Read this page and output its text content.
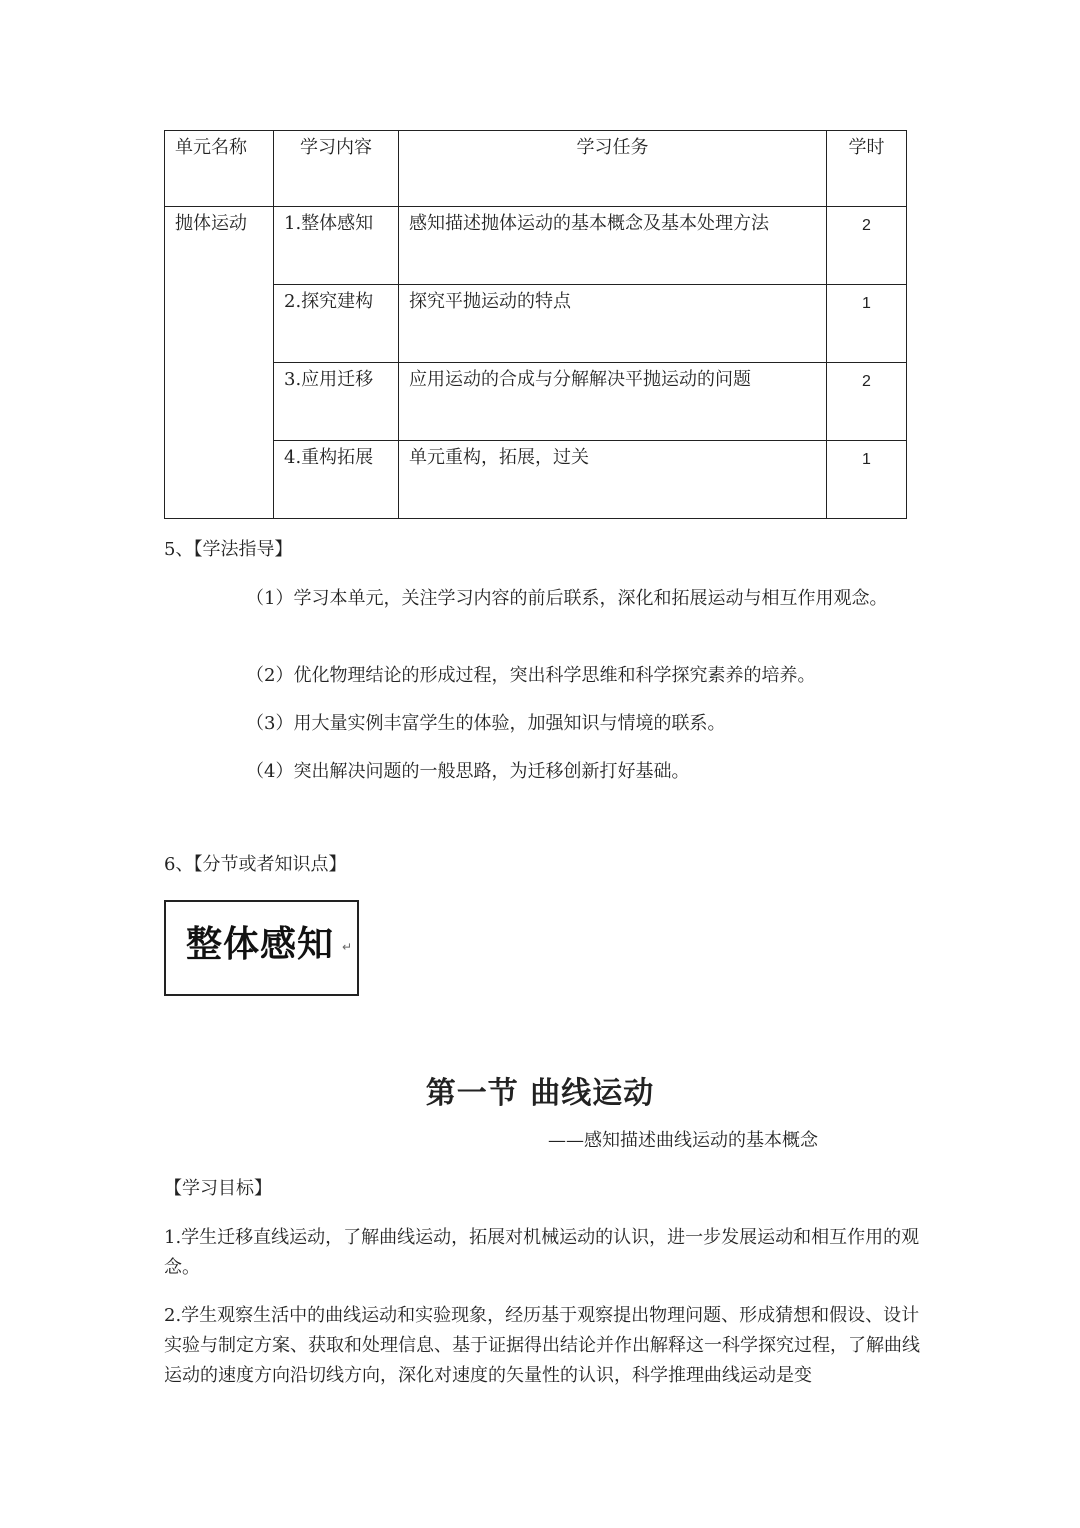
单元名称	学习内容	学习任务	学时
抛体运动	1.整体感知	感知描述抛体运动的基本概念及基本处理方法	2
	2.探究建构	探究平抛运动的特点	1
	3.应用迁移	应用运动的合成与分解解决平抛运动的问题	2
	4.重构拓展	单元重构，拓展，过关	1

5、【学法指导】

（1）学习本单元，关注学习内容的前后联系，深化和拓展运动与相互作用观念。

（2）优化物理结论的形成过程，突出科学思维和科学探究素养的培养。

（3）用大量实例丰富学生的体验，加强知识与情境的联系。

（4）突出解决问题的一般思路，为迁移创新打好基础。

6、【分节或者知识点】

整体感知 ↵
第一节 曲线运动

——感知描述曲线运动的基本概念

【学习目标】

1.学生迁移直线运动，了解曲线运动，拓展对机械运动的认识，进一步发展运动和相互作用的观念。

2.学生观察生活中的曲线运动和实验现象，经历基于观察提出物理问题、形成猜想和假设、设计实验与制定方案、获取和处理信息、基于证据得出结论并作出解释这一科学探究过程，了解曲线运动的速度方向沿切线方向，深化对速度的矢量性的认识，科学推理曲线运动是变
